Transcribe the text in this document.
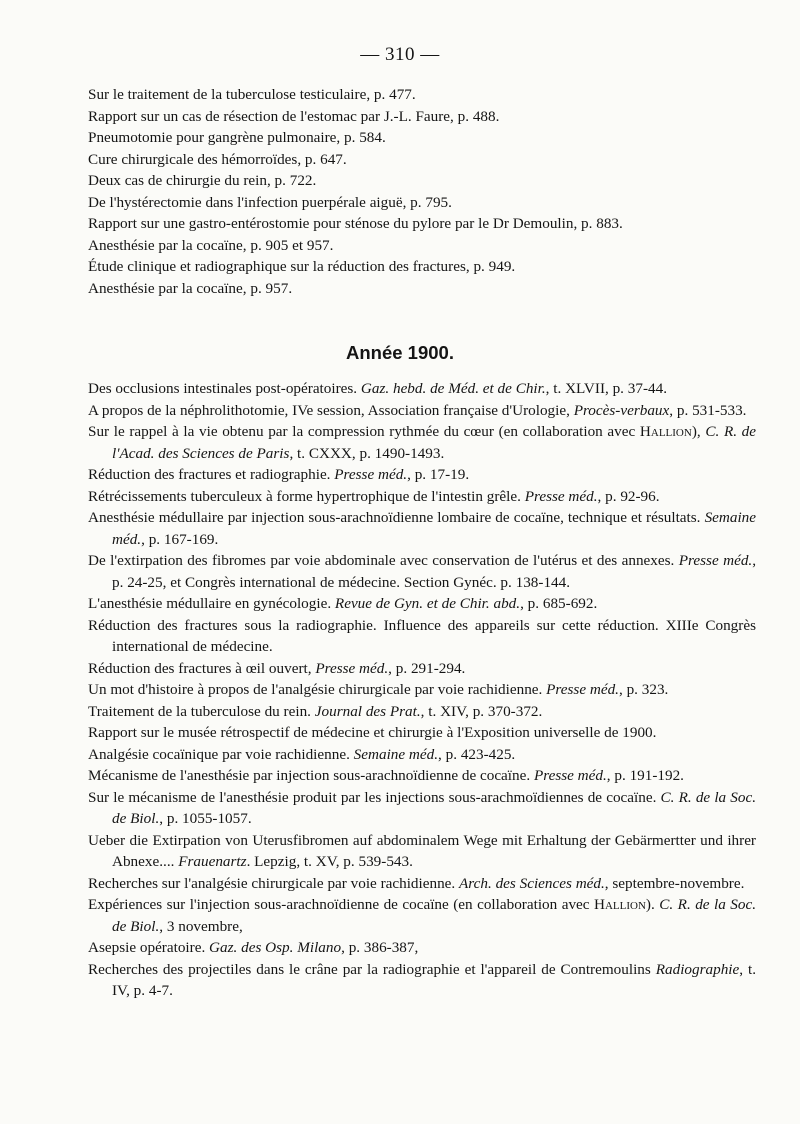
— 310 —
Sur le traitement de la tuberculose testiculaire, p. 477.
Rapport sur un cas de résection de l'estomac par J.-L. Faure, p. 488.
Pneumotomie pour gangrène pulmonaire, p. 584.
Cure chirurgicale des hémorroïdes, p. 647.
Deux cas de chirurgie du rein, p. 722.
De l'hystérectomie dans l'infection puerpérale aiguë, p. 795.
Rapport sur une gastro-entérostomie pour sténose du pylore par le Dr Demoulin, p. 883.
Anesthésie par la cocaïne, p. 905 et 957.
Étude clinique et radiographique sur la réduction des fractures, p. 949.
Anesthésie par la cocaïne, p. 957.
Année 1900.
Des occlusions intestinales post-opératoires. Gaz. hebd. de Méd. et de Chir., t. XLVII, p. 37-44.
A propos de la néphrolithotomie, IVe session, Association française d'Urologie, Procès-verbaux, p. 531-533.
Sur le rappel à la vie obtenu par la compression rythmée du cœur (en collaboration avec Hallion), C. R. de l'Acad. des Sciences de Paris, t. CXXX, p. 1490-1493.
Réduction des fractures et radiographie. Presse méd., p. 17-19.
Rétrécissements tuberculeux à forme hypertrophique de l'intestin grêle. Presse méd., p. 92-96.
Anesthésie médullaire par injection sous-arachnoïdienne lombaire de cocaïne, technique et résultats. Semaine méd., p. 167-169.
De l'extirpation des fibromes par voie abdominale avec conservation de l'utérus et des annexes. Presse méd., p. 24-25, et Congrès international de médecine. Section Gynéc. p. 138-144.
L'anesthésie médullaire en gynécologie. Revue de Gyn. et de Chir. abd., p. 685-692.
Réduction des fractures sous la radiographie. Influence des appareils sur cette réduction. XIIIe Congrès international de médecine.
Réduction des fractures à œil ouvert, Presse méd., p. 291-294.
Un mot d'histoire à propos de l'analgésie chirurgicale par voie rachidienne. Presse méd., p. 323.
Traitement de la tuberculose du rein. Journal des Prat., t. XIV, p. 370-372.
Rapport sur le musée rétrospectif de médecine et chirurgie à l'Exposition universelle de 1900.
Analgésie cocaïnique par voie rachidienne. Semaine méd., p. 423-425.
Mécanisme de l'anesthésie par injection sous-arachnoïdienne de cocaïne. Presse méd., p. 191-192.
Sur le mécanisme de l'anesthésie produit par les injections sous-arachmoïdiennes de cocaïne. C. R. de la Soc. de Biol., p. 1055-1057.
Ueber die Extirpation von Uterusfibromen auf abdominalem Wege mit Erhaltung der Gebärmertter und ihrer Abnexe.... Frauenartz. Lepzig, t. XV, p. 539-543.
Recherches sur l'analgésie chirurgicale par voie rachidienne. Arch. des Sciences méd., septembre-novembre.
Expériences sur l'injection sous-arachnoïdienne de cocaïne (en collaboration avec Hallion). C. R. de la Soc. de Biol., 3 novembre,
Asepsie opératoire. Gaz. des Osp. Milano, p. 386-387,
Recherches des projectiles dans le crâne par la radiographie et l'appareil de Contremoulins Radiographie, t. IV, p. 4-7.
